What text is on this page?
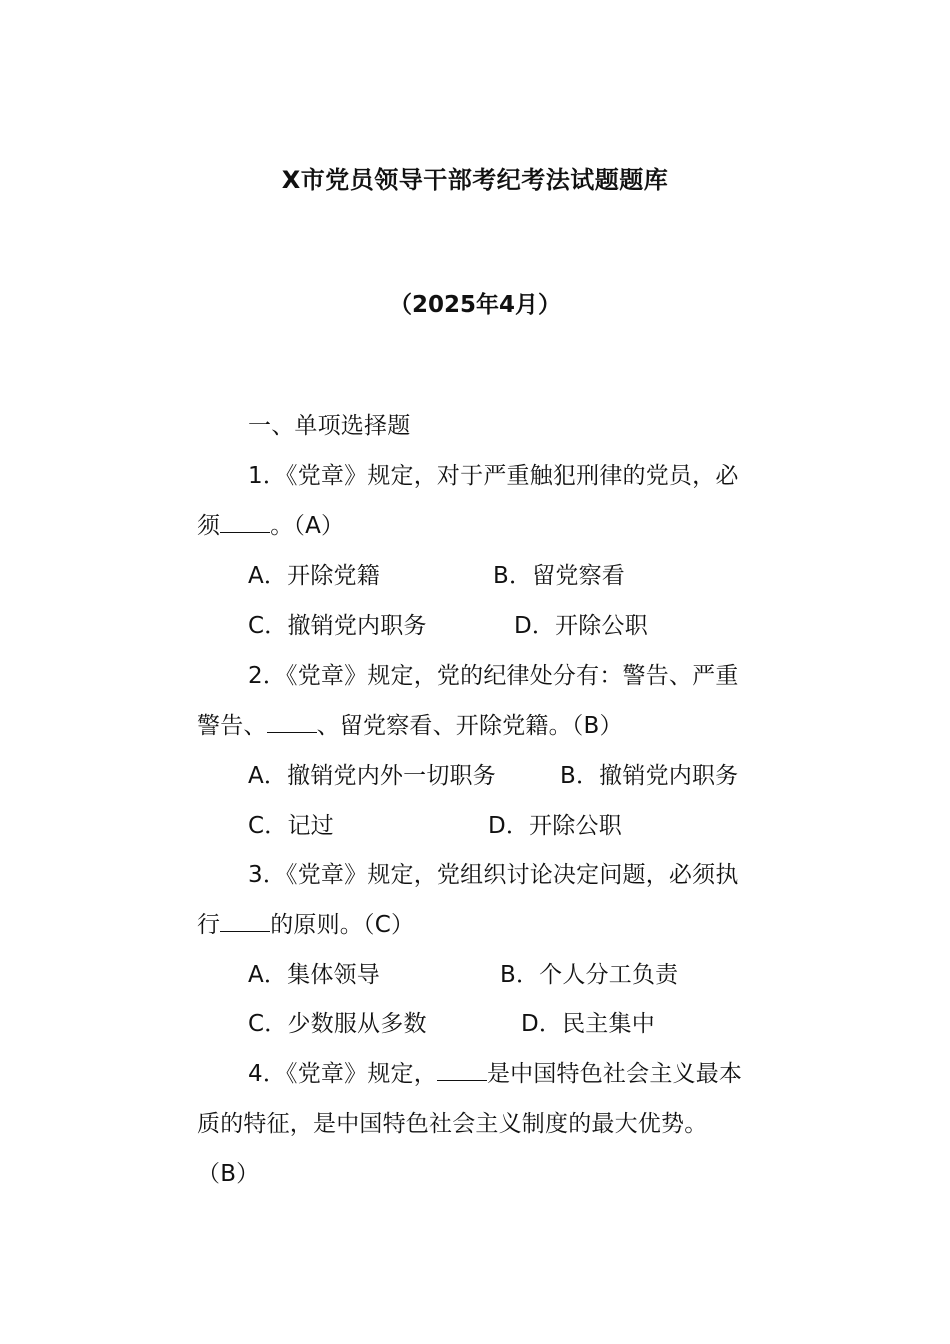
X市党员领导干部考纪考法试题题库
（2025年4月）
一、单项选择题
1．《党章》规定，对于严重触犯刑律的党员，必
须 。（A）
A．开除党籍	B．留党察看
C．撤销党内职务	D．开除公职
2．《党章》规定，党的纪律处分有：警告、严重
警告、 、留党察看、开除党籍。（B）
A．撤销党内外一切职务	B．撤销党内职务
C．记过	D．开除公职
3．《党章》规定，党组织讨论决定问题，必须执
行 的原则。（C）
A．集体领导	B．个人分工负责
C．少数服从多数	D．民主集中
4．《党章》规定， 是中国特色社会主义最本
质的特征，是中国特色社会主义制度的最大优势。
（B）
